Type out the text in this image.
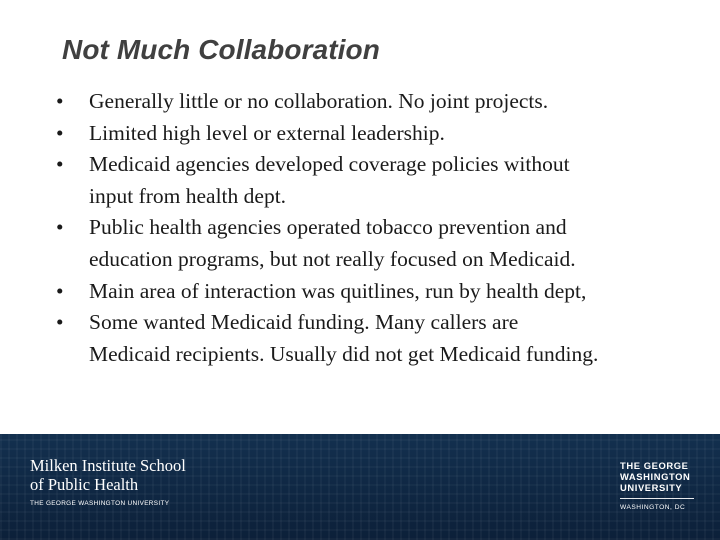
Not Much Collaboration
•	Generally little or no collaboration. No joint projects.
•	Limited high level or external leadership.
•	Medicaid agencies developed coverage policies without
input from health dept.
•	Public health agencies operated tobacco prevention and
education programs, but not really focused on Medicaid.
•	Main area of interaction was quitlines, run by health dept,
•	Some wanted Medicaid funding. Many callers are
Medicaid recipients. Usually did not get Medicaid funding.
Milken Institute School
of Public Health
THE GEORGE WASHINGTON UNIVERSITY
THE GEORGE
WASHINGTON
UNIVERSITY
WASHINGTON, DC
